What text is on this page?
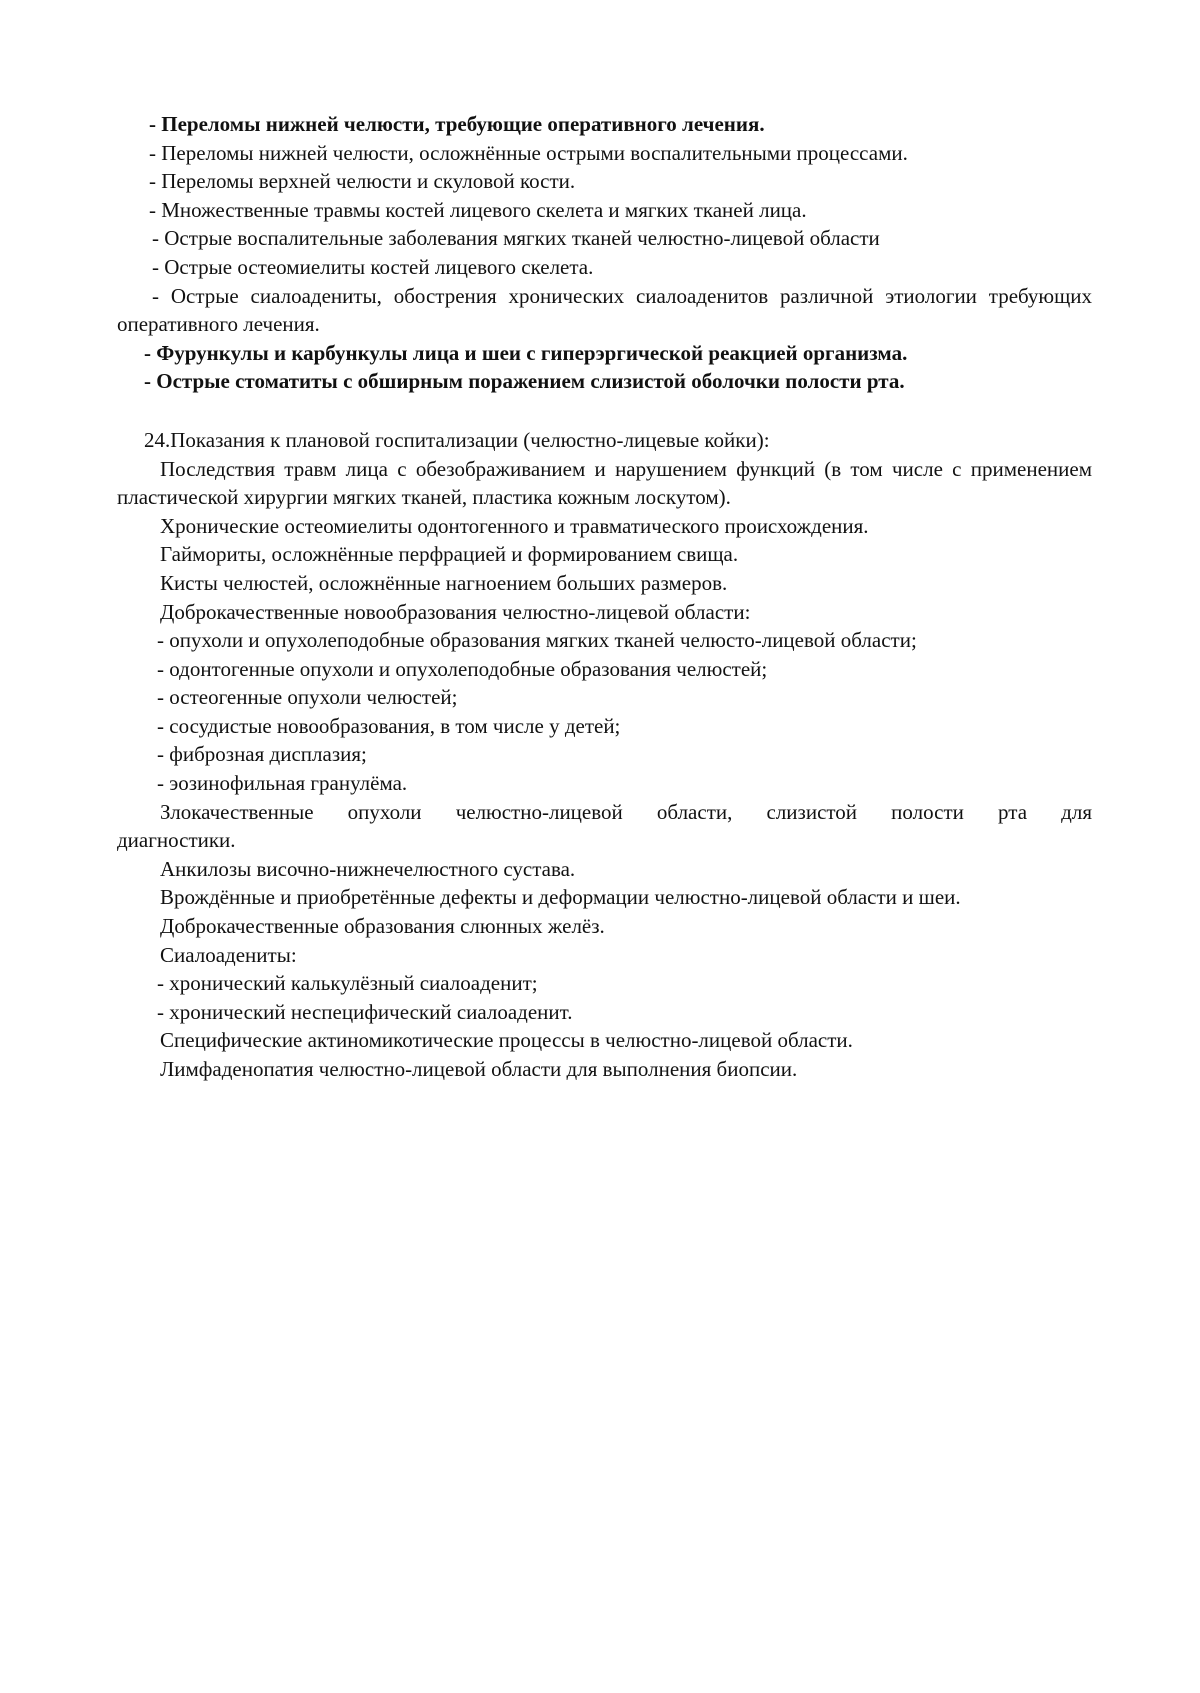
- Переломы нижней челюсти, требующие оперативного лечения.

- Переломы нижней челюсти, осложнённые острыми воспалительными процессами.

- Переломы верхней челюсти и скуловой кости.

- Множественные травмы костей лицевого скелета и мягких тканей лица.

- Острые воспалительные заболевания мягких тканей челюстно-лицевой области

- Острые остеомиелиты костей лицевого скелета.

- Острые сиалоадениты, обострения хронических сиалоаденитов различной этиологии требующих оперативного лечения.

- Фурункулы и карбункулы лица и шеи с гиперэргической реакцией организма.

- Острые стоматиты с обширным поражением слизистой оболочки полости рта.

24.Показания к плановой госпитализации (челюстно-лицевые койки):

Последствия травм лица с обезображиванием и нарушением функций (в том числе с применением пластической хирургии мягких тканей, пластика кожным лоскутом).

Хронические остеомиелиты одонтогенного и травматического происхождения.

Гаймориты, осложнённые перфрацией и формированием свища.

Кисты челюстей, осложнённые нагноением больших размеров.

Доброкачественные новообразования челюстно-лицевой области:

- опухоли и опухолеподобные образования мягких тканей челюсто-лицевой области;

- одонтогенные опухоли и опухолеподобные образования челюстей;

- остеогенные опухоли челюстей;

- сосудистые новообразования, в том числе у детей;

- фиброзная дисплазия;

- эозинофильная гранулёма.

Злокачественные опухоли челюстно-лицевой области, слизистой полости рта для диагностики.

Анкилозы височно-нижнечелюстного сустава.

Врождённые и приобретённые дефекты и деформации челюстно-лицевой области и шеи.

Доброкачественные образования слюнных желёз.

Сиалоадениты:

- хронический калькулёзный сиалоаденит;

- хронический неспецифический сиалоаденит.

Специфические актиномикотические процессы в челюстно-лицевой области.

Лимфаденопатия челюстно-лицевой области для выполнения биопсии.
